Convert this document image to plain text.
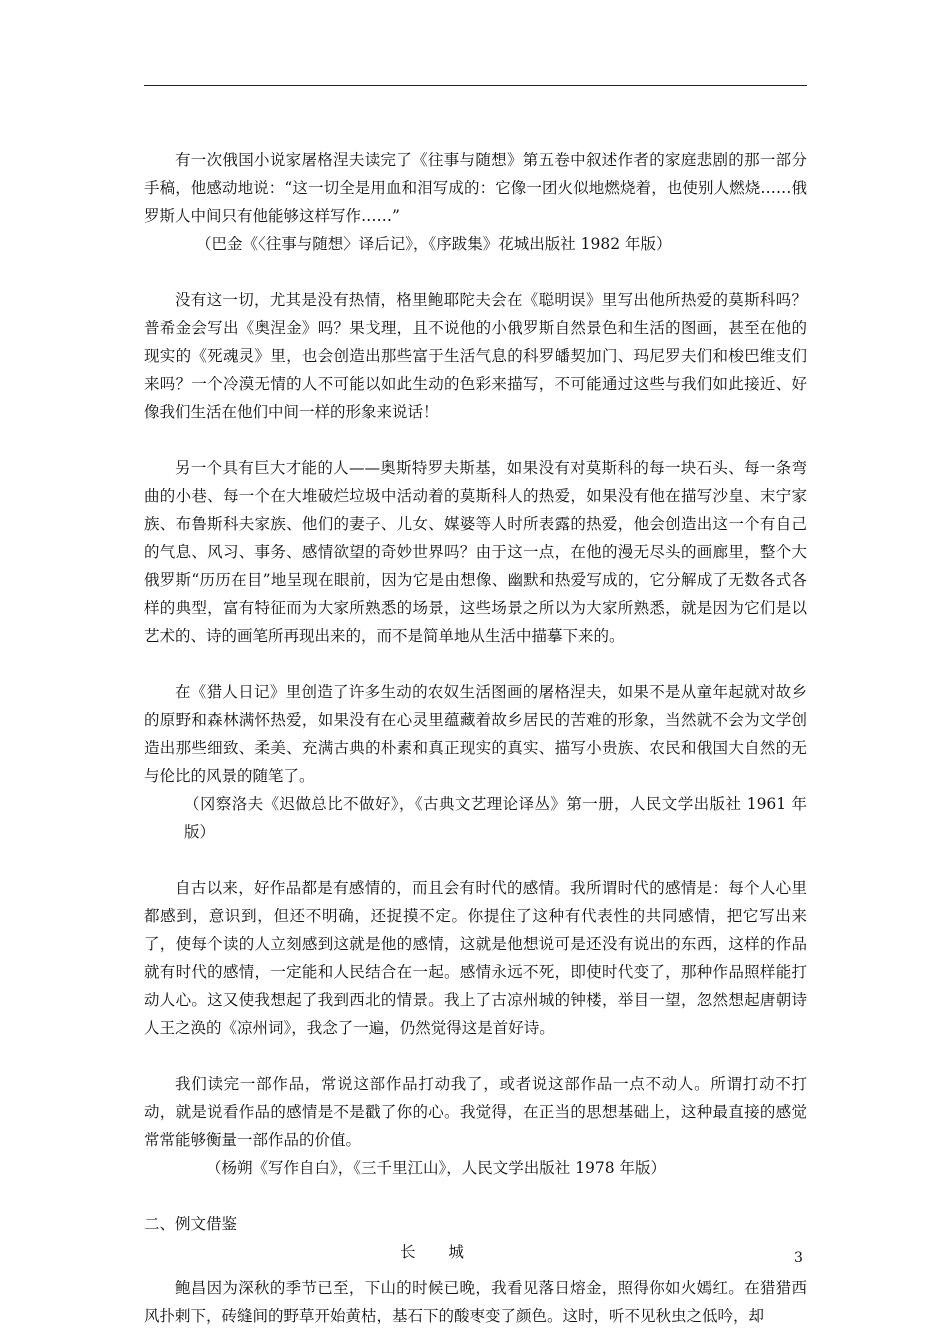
有一次俄国小说家屠格涅夫读完了《往事与随想》第五卷中叙述作者的家庭悲剧的那一部分手稿，他感动地说：“这一切全是用血和泪写成的：它像一团火似地燃烧着，也使别人燃烧……俄罗斯人中间只有他能够这样写作……”

（巴金《〈往事与随想〉译后记》，《序跋集》花城出版社 1982 年版）

没有这一切，尤其是没有热情，格里鲍耶陀夫会在《聪明误》里写出他所热爱的莫斯科吗？普希金会写出《奥涅金》吗？果戈理，且不说他的小俄罗斯自然景色和生活的图画，甚至在他的现实的《死魂灵》里，也会创造出那些富于生活气息的科罗皤契加门、玛尼罗夫们和梭巴维支们来吗？一个冷漠无情的人不可能以如此生动的色彩来描写，不可能通过这些与我们如此接近、好像我们生活在他们中间一样的形象来说话！

另一个具有巨大才能的人——奥斯特罗夫斯基，如果没有对莫斯科的每一块石头、每一条弯曲的小巷、每一个在大堆破烂垃圾中活动着的莫斯科人的热爱，如果没有他在描写沙皇、末宁家族、布鲁斯科夫家族、他们的妻子、儿女、媒婆等人时所表露的热爱，他会创造出这一个有自己的气息、风习、事务、感情欲望的奇妙世界吗？由于这一点，在他的漫无尽头的画廊里，整个大俄罗斯“历历在目”地呈现在眼前，因为它是由想像、幽默和热爱写成的，它分解成了无数各式各样的典型，富有特征而为大家所熟悉的场景，这些场景之所以为大家所熟悉，就是因为它们是以艺术的、诗的画笔所再现出来的，而不是简单地从生活中描摹下来的。

在《猎人日记》里创造了许多生动的农奴生活图画的屠格涅夫，如果不是从童年起就对故乡的原野和森林满怀热爱，如果没有在心灵里蕴藏着故乡居民的苦难的形象，当然就不会为文学创造出那些细致、柔美、充满古典的朴素和真正现实的真实、描写小贵族、农民和俄国大自然的无与伦比的风景的随笔了。

（冈察洛夫《迟做总比不做好》，《古典文艺理论译丛》第一册，人民文学出版社 1961 年版）

自古以来，好作品都是有感情的，而且会有时代的感情。我所谓时代的感情是：每个人心里都感到，意识到，但还不明确，还捉摸不定。你提住了这种有代表性的共同感情，把它写出来了，使每个读的人立刻感到这就是他的感情，这就是他想说可是还没有说出的东西，这样的作品就有时代的感情，一定能和人民结合在一起。感情永远不死，即使时代变了，那种作品照样能打动人心。这又使我想起了我到西北的情景。我上了古凉州城的钟楼，举目一望，忽然想起唐朝诗人王之涣的《凉州词》，我念了一遍，仍然觉得这是首好诗。

我们读完一部作品，常说这部作品打动我了，或者说这部作品一点不动人。所谓打动不打动，就是说看作品的感情是不是戳了你的心。我觉得，在正当的思想基础上，这种最直接的感觉常常能够衡量一部作品的价值。

（杨朔《写作自白》，《三千里江山》，人民文学出版社 1978 年版）

二、例文借鉴

长 城

鲍昌因为深秋的季节已至，下山的时候已晚，我看见落日熔金，照得你如火嫣红。在猎猎西风扑剌下，砖缝间的野草开始黄枯，基石下的酸枣变了颜色。这时，听不见秋虫之低吟，却

3
